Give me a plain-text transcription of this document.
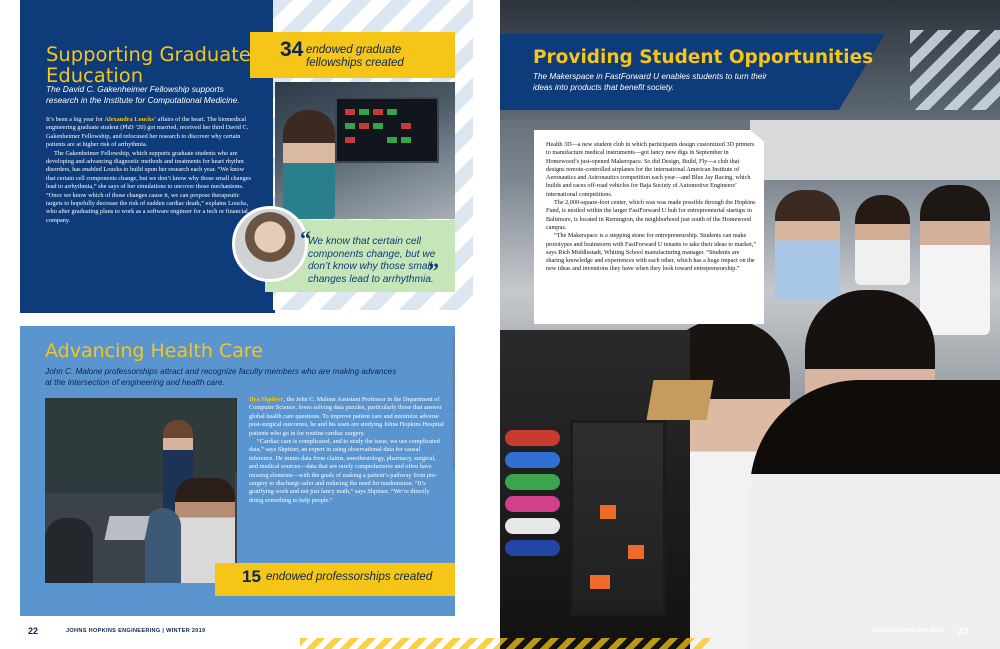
34 endowed graduate fellowships created
“
We know that certain cell components change, but we don’t know why those small changes lead to arrhythmia.
”
Supporting Graduate Education
The David C. Gakenheimer Fellowship supports research in the Institute for Computational Medicine.

It’s been a big year for Alexandra Loucks’ affairs of the heart. The biomedical engineering graduate student (PhD ’20) got married, received her third David C. Gakenheimer Fellowship, and refocused her research to discover why certain patients are at higher risk of arrhythmia.

The Gakenheimer Fellowship, which supports graduate students who are developing and advancing diagnostic methods and treatments for heart rhythm disorders, has enabled Loucks to build upon her research each year. “We know that certain cell components change, but we don’t know why those small changes lead to arrhythmia,” she says of her simulations to uncover those mechanisms. “Once we know which of those changes cause it, we can propose therapeutic targets to hopefully decrease the risk of sudden cardiac death,” explains Loucks, who after graduating plans to work as a software engineer for a tech or financial company.

Advancing Health Care
John C. Malone professorships attract and recognize faculty members who are making advances at the intersection of engineering and health care.

Ilya Shpitser, the John C. Malone Assistant Professor in the Department of Computer Science, loves solving data puzzles, particularly those that answer global health care questions. To improve patient care and minimize adverse post-surgical outcomes, he and his team are studying Johns Hopkins Hospital patients who go in for routine cardiac surgery.

“Cardiac care is complicated, and to study the issue, we use complicated data,” says Shpitser, an expert in using observational data for causal inference. He mines data from claims, anesthesiology, pharmacy, surgical, and medical sources—data that are rarely comprehensive and often have missing elements—with the goals of making a patient’s pathway from pre-surgery to discharge safer and reducing the need for readmission. “It’s gratifying work and not just fancy math,” says Shpitser. “We’re directly doing something to help people.”

15 endowed professorships created
THIS AND OPPOSITE PAGE: WILL KIRK/HOMEWOODPHOTO.JHU.EDU
22	JOHNS HOPKINS ENGINEERING | WINTER 2019
Providing Student Opportunities
The Makerspace in FastForward U enables students to turn their ideas into products that benefit society.

Health 3D—a new student club in which participants design customized 3D printers to manufacture medical instruments—got fancy new digs in September in Homewood’s just-opened Makerspace. So did Design, Build, Fly—a club that designs remote-controlled airplanes for the international American Institute of Aeronautics and Astronautics competition each year—and Blue Jay Racing, which builds and races off-road vehicles for Baja Society of Automotive Engineers’ international competitions.

The 2,000-square-foot center, which was was made possible through the Hopkins Fund, is nestled within the larger FastForward U hub for entrepreneurial startups in Baltimore, is located in Remington, the neighborhood just south of the Homewood campus.

“The Makerspace is a stepping stone for entrepreneurship. Students can make prototypes and brainstorm with FastForward U tenants to take their ideas to market,” says Rich Middlestadt, Whiting School manufacturing manager. “Students are sharing knowledge and experiences with each other, which has a huge impact on the new ideas and inventions they have when they look toward entrepreneurship.”

ENGINEERING.JHU.EDU 23
